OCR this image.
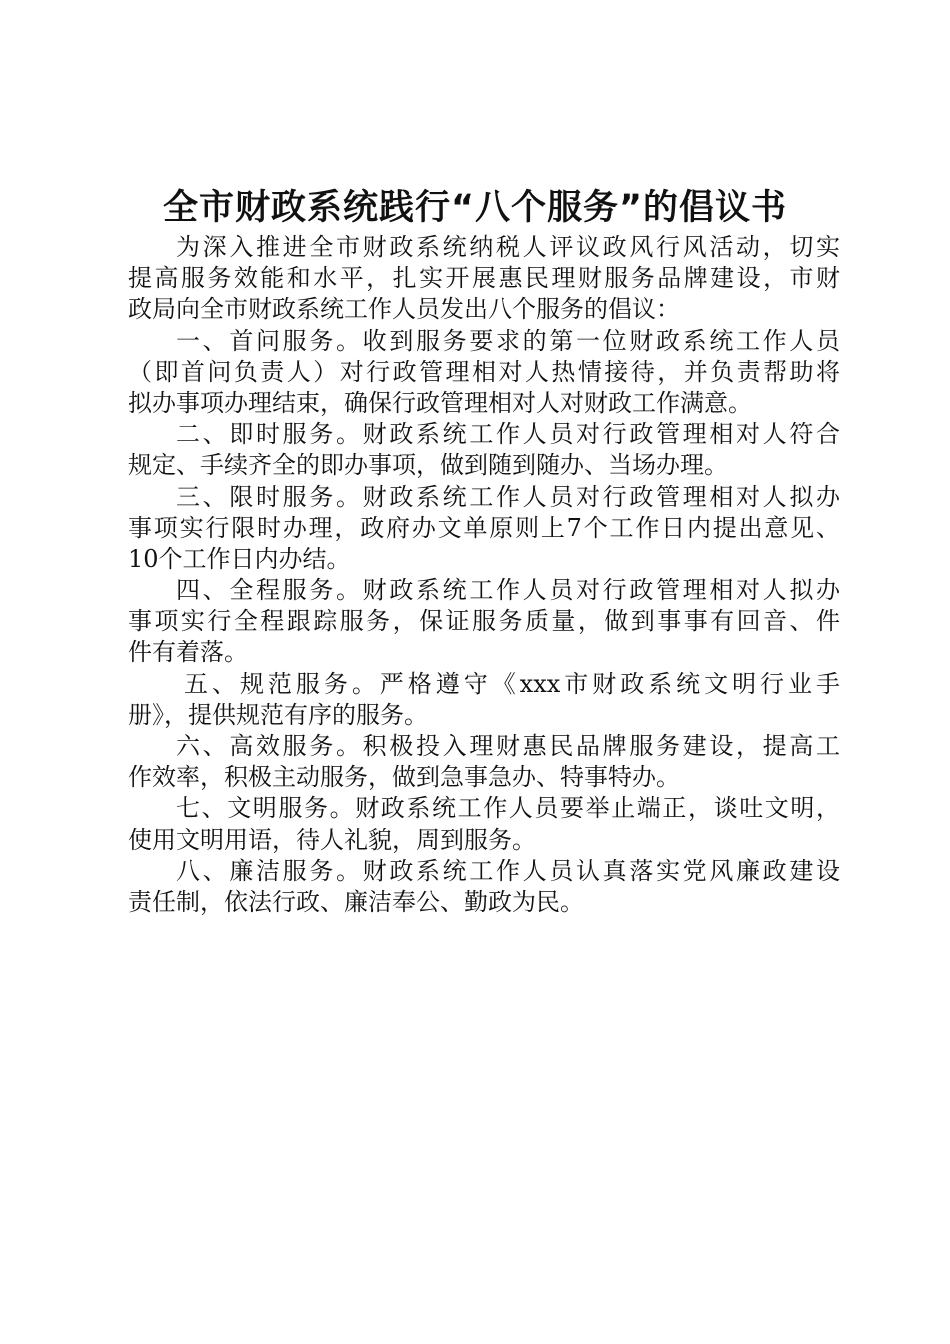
全市财政系统践行“八个服务”的倡议书
为深入推进全市财政系统纳税人评议政风行风活动，切实
提高服务效能和水平，扎实开展惠民理财服务品牌建设，市财
政局向全市财政系统工作人员发出八个服务的倡议：
一、首问服务。收到服务要求的第一位财政系统工作人员
（即首问负责人）对行政管理相对人热情接待，并负责帮助将
拟办事项办理结束，确保行政管理相对人对财政工作满意。
二、即时服务。财政系统工作人员对行政管理相对人符合
规定、手续齐全的即办事项，做到随到随办、当场办理。
三、限时服务。财政系统工作人员对行政管理相对人拟办
事项实行限时办理，政府办文单原则上7个工作日内提出意见、
10个工作日内办结。
四、全程服务。财政系统工作人员对行政管理相对人拟办
事项实行全程跟踪服务，保证服务质量，做到事事有回音、件
件有着落。
五、规范服务。严格遵守《xxx市财政系统文明行业手
册》，提供规范有序的服务。
六、高效服务。积极投入理财惠民品牌服务建设，提高工
作效率，积极主动服务，做到急事急办、特事特办。
七、文明服务。财政系统工作人员要举止端正，谈吐文明，
使用文明用语，待人礼貌，周到服务。
八、廉洁服务。财政系统工作人员认真落实党风廉政建设
责任制，依法行政、廉洁奉公、勤政为民。
